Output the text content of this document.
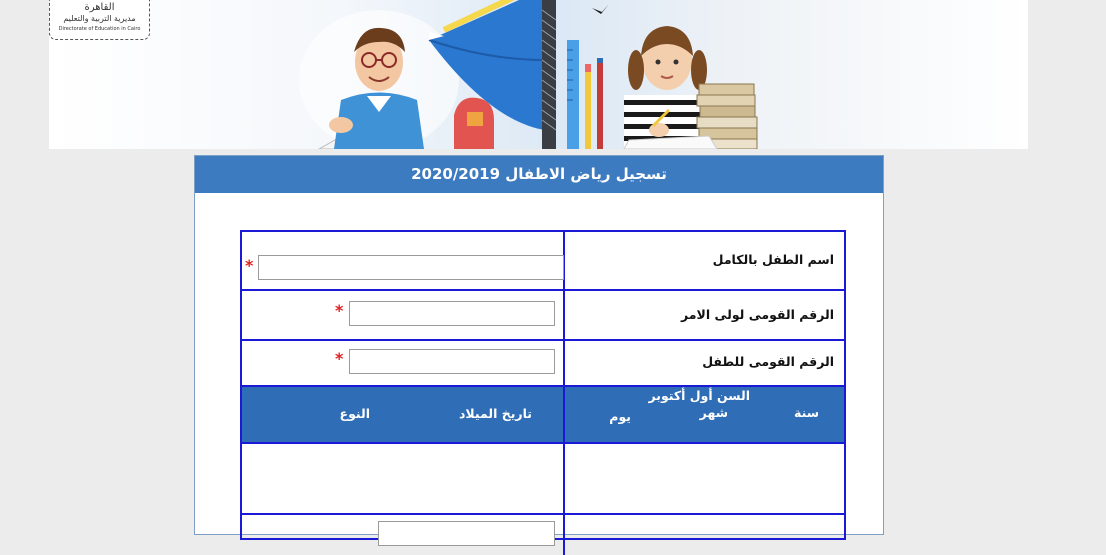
القاهرة
مديرية التربية والتعليم
Directorate of Education in Cairo
تسجيل رياض الاطفال 2020/2019
اسم الطفل بالكامل
*
الرقم القومى لولى الامر
*
الرقم القومى للطفل
*
السن أول أكتوبر
سنة
شهر
يوم
تاريخ الميلاد
النوع
